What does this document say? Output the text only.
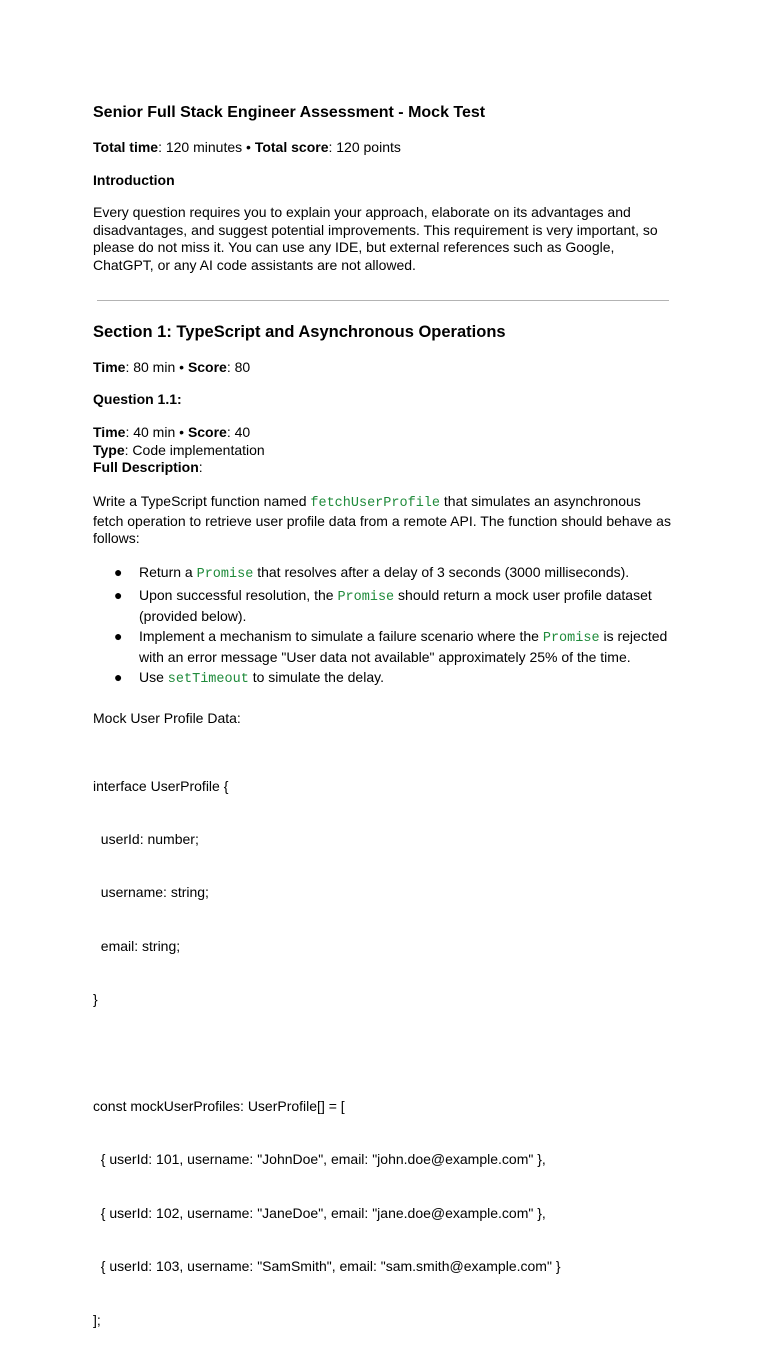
Senior Full Stack Engineer Assessment - Mock Test

Total time: 120 minutes • Total score: 120 points

Introduction

Every question requires you to explain your approach, elaborate on its advantages and disadvantages, and suggest potential improvements. This requirement is very important, so please do not miss it. You can use any IDE, but external references such as Google, ChatGPT, or any AI code assistants are not allowed.

Section 1: TypeScript and Asynchronous Operations

Time: 80 min • Score: 80

Question 1.1:

Time: 40 min • Score: 40
Type: Code implementation
Full Description:

Write a TypeScript function named fetchUserProfile that simulates an asynchronous fetch operation to retrieve user profile data from a remote API. The function should behave as follows:

● Return a Promise that resolves after a delay of 3 seconds (3000 milliseconds).
● Upon successful resolution, the Promise should return a mock user profile dataset (provided below).
● Implement a mechanism to simulate a failure scenario where the Promise is rejected with an error message "User data not available" approximately 25% of the time.
● Use setTimeout to simulate the delay.

Mock User Profile Data:

interface UserProfile {

userId: number;

username: string;

email: string;

}

const mockUserProfiles: UserProfile[] = [

{ userId: 101, username: "JohnDoe", email: "john.doe@example.com" },

{ userId: 102, username: "JaneDoe", email: "jane.doe@example.com" },

{ userId: 103, username: "SamSmith", email: "sam.smith@example.com" }

];
